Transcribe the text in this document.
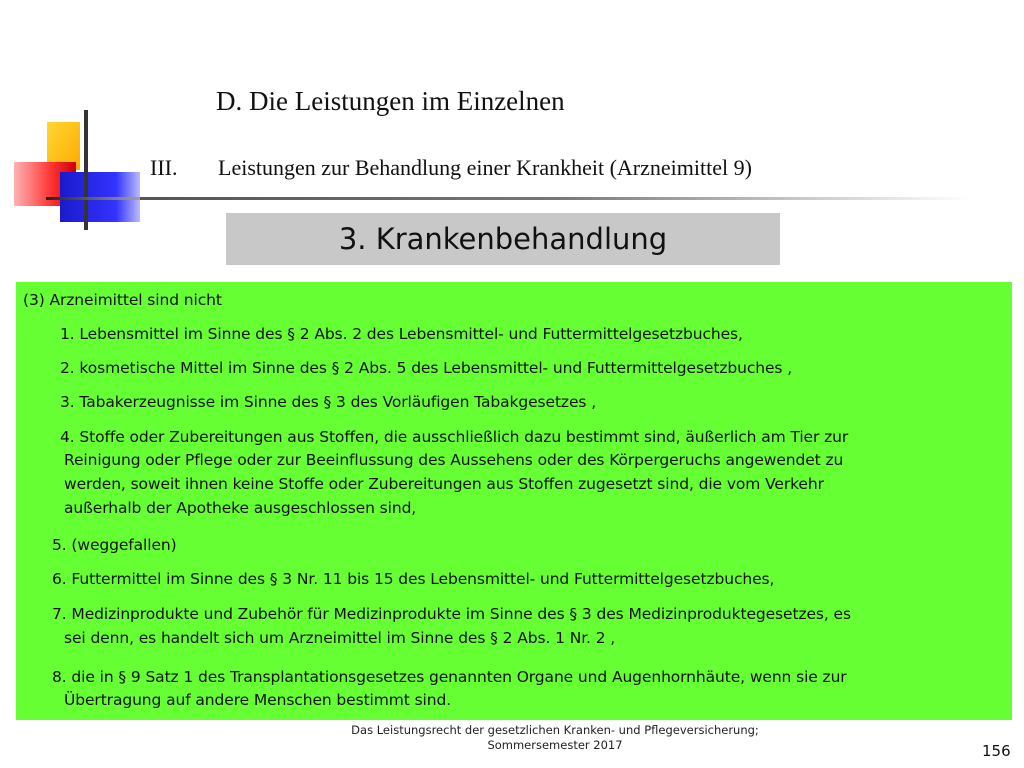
D. Die Leistungen im Einzelnen
III. Leistungen zur Behandlung einer Krankheit (Arzneimittel 9)
3. Krankenbehandlung
(3) Arzneimittel sind nicht
1. Lebensmittel im Sinne des § 2 Abs. 2 des Lebensmittel- und Futtermittelgesetzbuches,
2. kosmetische Mittel im Sinne des § 2 Abs. 5 des Lebensmittel- und Futtermittelgesetzbuches ,
3. Tabakerzeugnisse im Sinne des § 3 des Vorläufigen Tabakgesetzes ,
4. Stoffe oder Zubereitungen aus Stoffen, die ausschließlich dazu bestimmt sind, äußerlich am Tier zur
Reinigung oder Pflege oder zur Beeinflussung des Aussehens oder des Körpergeruchs angewendet zu
werden, soweit ihnen keine Stoffe oder Zubereitungen aus Stoffen zugesetzt sind, die vom Verkehr
außerhalb der Apotheke ausgeschlossen sind,
5. (weggefallen)
6. Futtermittel im Sinne des § 3 Nr. 11 bis 15 des Lebensmittel- und Futtermittelgesetzbuches,
7. Medizinprodukte und Zubehör für Medizinprodukte im Sinne des § 3 des Medizinproduktegesetzes, es
sei denn, es handelt sich um Arzneimittel im Sinne des § 2 Abs. 1 Nr. 2 ,
8. die in § 9 Satz 1 des Transplantationsgesetzes genannten Organe und Augenhornhäute, wenn sie zur
Übertragung auf andere Menschen bestimmt sind.
Das Leistungsrecht der gesetzlichen Kranken- und Pflegeversicherung;
Sommersemester 2017	156
